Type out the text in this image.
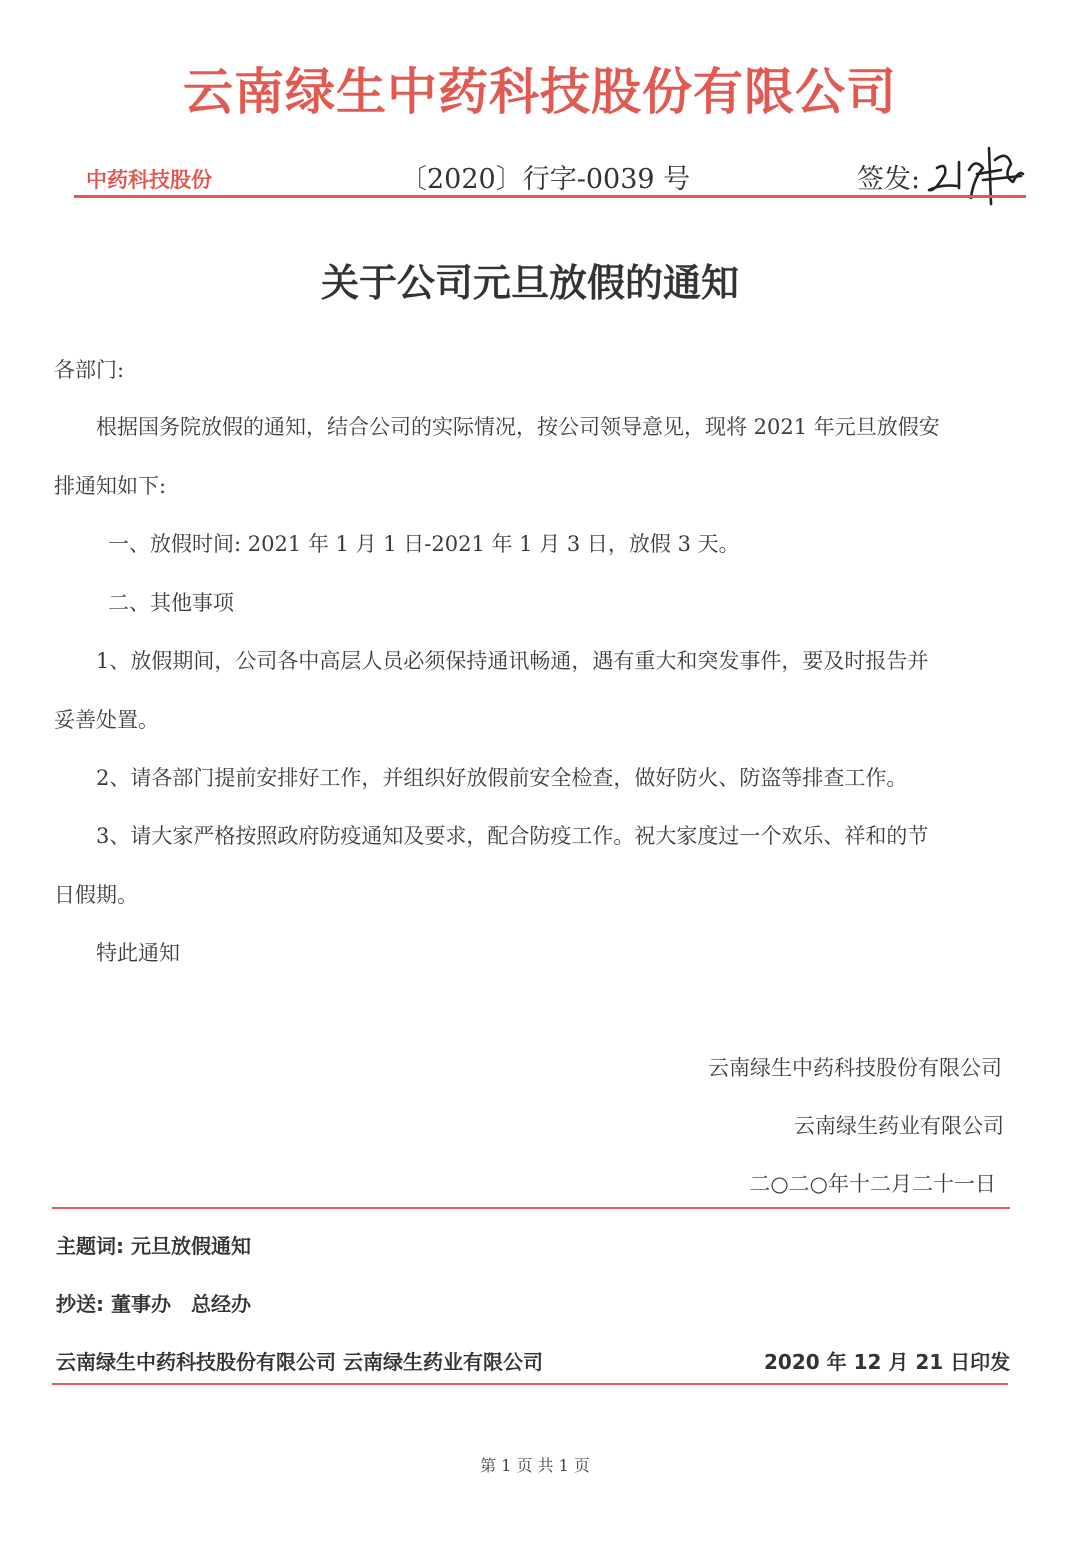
云南绿生中药科技股份有限公司
中药科技股份	〔2020〕行字-0039 号	签发:
关于公司元旦放假的通知
各部门:
根据国务院放假的通知，结合公司的实际情况，按公司领导意见，现将 2021 年元旦放假安
排通知如下:
一、放假时间: 2021 年 1 月 1 日-2021 年 1 月 3 日，放假 3 天。
二、其他事项
1、放假期间，公司各中高层人员必须保持通讯畅通，遇有重大和突发事件，要及时报告并
妥善处置。
2、请各部门提前安排好工作，并组织好放假前安全检查，做好防火、防盗等排查工作。
3、请大家严格按照政府防疫通知及要求，配合防疫工作。祝大家度过一个欢乐、祥和的节
日假期。
特此通知
云南绿生中药科技股份有限公司
云南绿生药业有限公司
二○二○年十二月二十一日
主题词: 元旦放假通知
抄送: 董事办　总经办
云南绿生中药科技股份有限公司 云南绿生药业有限公司	2020 年 12 月 21 日印发
第 1 页 共 1 页
